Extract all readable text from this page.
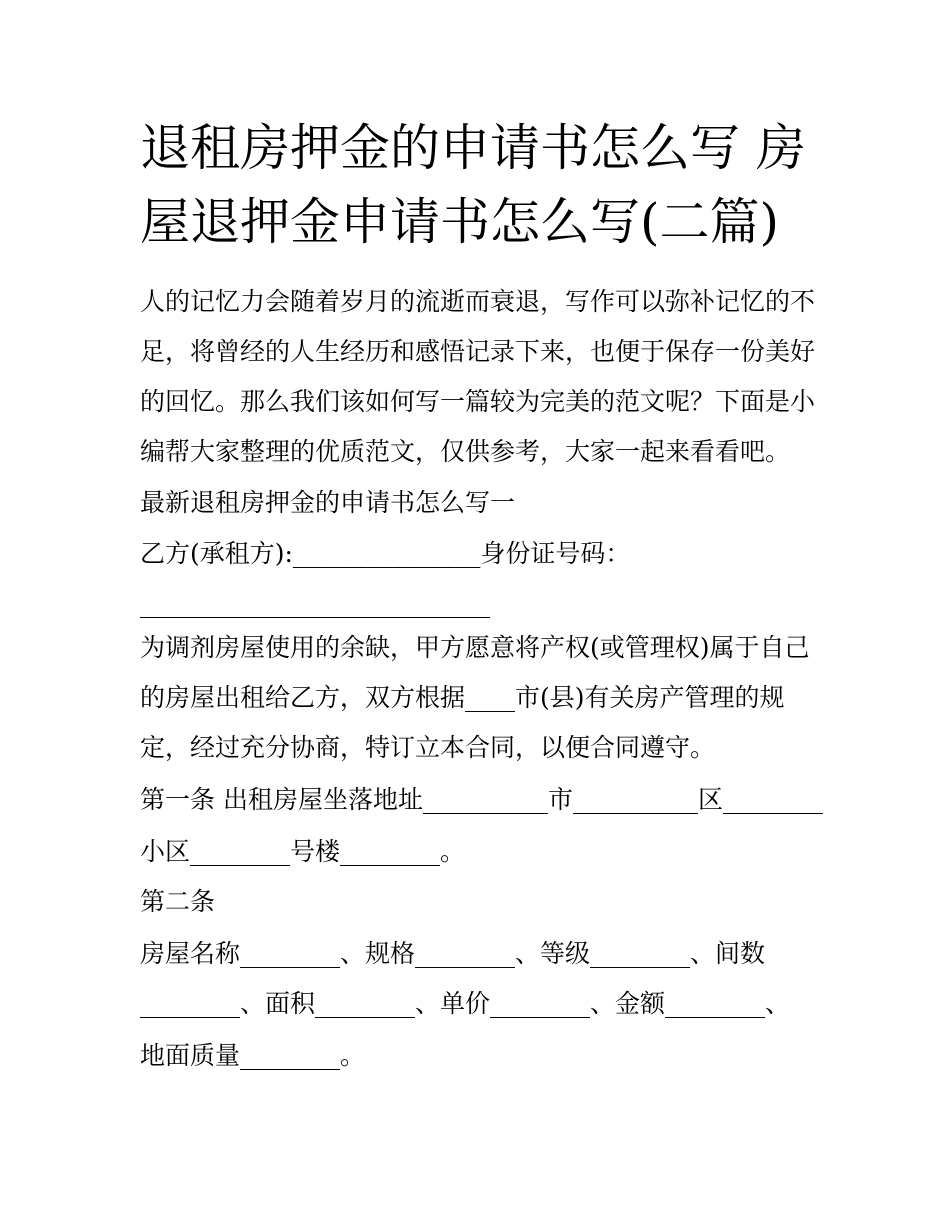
退租房押金的申请书怎么写 房
屋退押金申请书怎么写(二篇)
人的记忆力会随着岁月的流逝而衰退，写作可以弥补记忆的不
足，将曾经的人生经历和感悟记录下来，也便于保存一份美好
的回忆。那么我们该如何写一篇较为完美的范文呢？下面是小
编帮大家整理的优质范文，仅供参考，大家一起来看看吧。
最新退租房押金的申请书怎么写一
乙方(承租方):_______________身份证号码：
____________________________
为调剂房屋使用的余缺，甲方愿意将产权(或管理权)属于自己
的房屋出租给乙方，双方根据____市(县)有关房产管理的规
定，经过充分协商，特订立本合同，以便合同遵守。
第一条 出租房屋坐落地址__________市__________区________
小区________号楼________。
第二条
房屋名称________、规格________、等级________、间数
________、面积________、单价________、金额________、
地面质量________。
